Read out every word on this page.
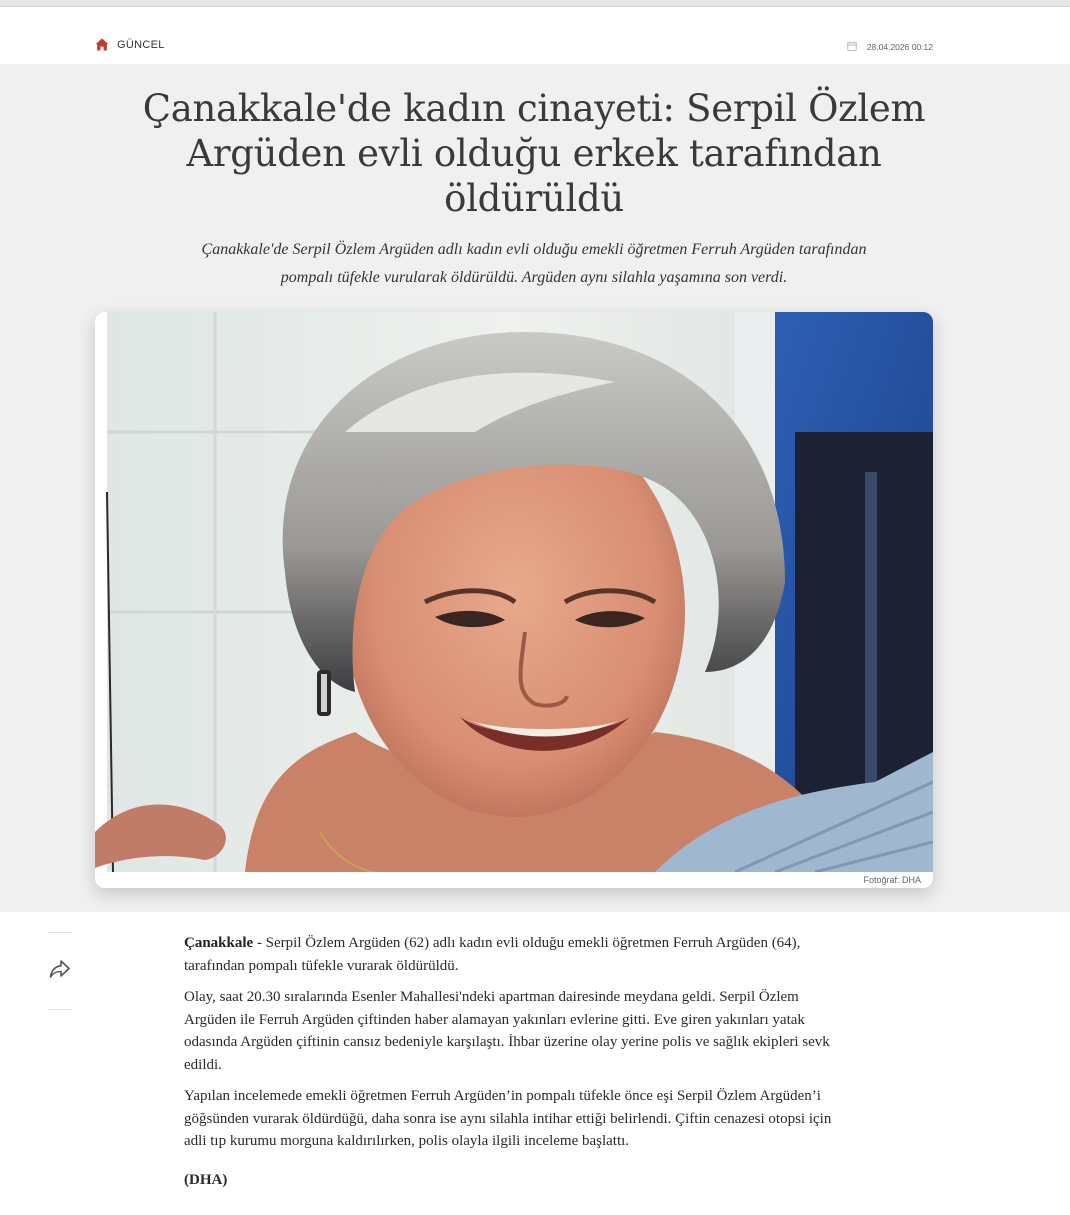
GÜNCEL	28.04.2026 00:12
Çanakkale'de kadın cinayeti: Serpil Özlem Argüden evli olduğu erkek tarafından öldürüldü

Çanakkale'de Serpil Özlem Argüden adlı kadın evli olduğu emekli öğretmen Ferruh Argüden tarafından pompalı tüfekle vurularak öldürüldü. Argüden aynı silahla yaşamına son verdi.

Fotoğraf: DHA

Çanakkale - Serpil Özlem Argüden (62) adlı kadın evli olduğu emekli öğretmen Ferruh Argüden (64), tarafından pompalı tüfekle vurarak öldürüldü.

Olay, saat 20.30 sıralarında Esenler Mahallesi'ndeki apartman dairesinde meydana geldi. Serpil Özlem Argüden ile Ferruh Argüden çiftinden haber alamayan yakınları evlerine gitti. Eve giren yakınları yatak odasında Argüden çiftinin cansız bedeniyle karşılaştı. İhbar üzerine olay yerine polis ve sağlık ekipleri sevk edildi.

Yapılan incelemede emekli öğretmen Ferruh Argüden’in pompalı tüfekle önce eşi Serpil Özlem Argüden’i göğsünden vurarak öldürdüğü, daha sonra ise aynı silahla intihar ettiği belirlendi. Çiftin cenazesi otopsi için adli tıp kurumu morguna kaldırılırken, polis olayla ilgili inceleme başlattı.

(DHA)
